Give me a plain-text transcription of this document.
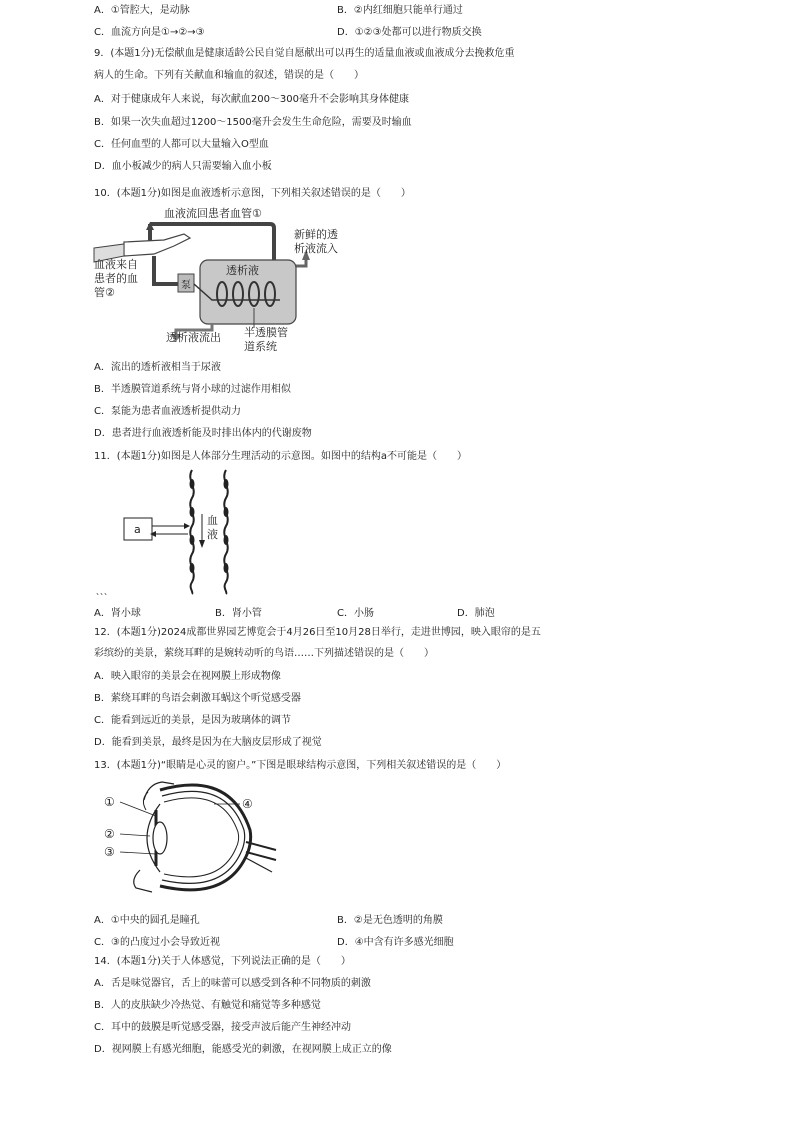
A．①管腔大，是动脉	B．②内红细胞只能单行通过
C．血流方向是①→②→③	D．①②③处都可以进行物质交换
9．(本题1分)无偿献血是健康适龄公民自觉自愿献出可以再生的适量血液或血液成分去挽救危重
病人的生命。下列有关献血和输血的叙述，错误的是（　　）
A．对于健康成年人来说，每次献血200～300毫升不会影响其身体健康
B．如果一次失血超过1200～1500毫升会发生生命危险，需要及时输血
C．任何血型的人都可以大量输入O型血
D．血小板减少的病人只需要输入血小板
10．(本题1分)如图是血液透析示意图，下列相关叙述错误的是（　　）
血液流回患者血管①
新鲜的透
析液流入
血液来自
患者的血
管②
泵
透析液
透析液流出 半透膜管
道系统
A．流出的透析液相当于尿液
B．半透膜管道系统与肾小球的过滤作用相似
C．泵能为患者血液透析提供动力
D．患者进行血液透析能及时排出体内的代谢废物
11．(本题1分)如图是人体部分生理活动的示意图。如图中的结构a不可能是（　　）
a
血
液
、、、
A．肾小球	B．肾小管	C．小肠	D．肺泡
12．(本题1分)2024成都世界园艺博览会于4月26日至10月28日举行，走进世博园，映入眼帘的是五
彩缤纷的美景，萦绕耳畔的是婉转动听的鸟语……下列描述错误的是（　　）
A．映入眼帘的美景会在视网膜上形成物像
B．萦绕耳畔的鸟语会刺激耳蜗这个听觉感受器
C．能看到远近的美景，是因为玻璃体的调节
D．能看到美景，最终是因为在大脑皮层形成了视觉
13．(本题1分)“眼睛是心灵的窗户。”下图是眼球结构示意图，下列相关叙述错误的是（　　）
①
②
③
④
A．①中央的圆孔是瞳孔	B．②是无色透明的角膜
C．③的凸度过小会导致近视	D．④中含有许多感光细胞
14．(本题1分)关于人体感觉，下列说法正确的是（　　）
A．舌是味觉器官，舌上的味蕾可以感受到各种不同物质的刺激
B．人的皮肤缺少冷热觉、有触觉和痛觉等多种感觉
C．耳中的鼓膜是听觉感受器，接受声波后能产生神经冲动
D．视网膜上有感光细胞，能感受光的刺激，在视网膜上成正立的像
